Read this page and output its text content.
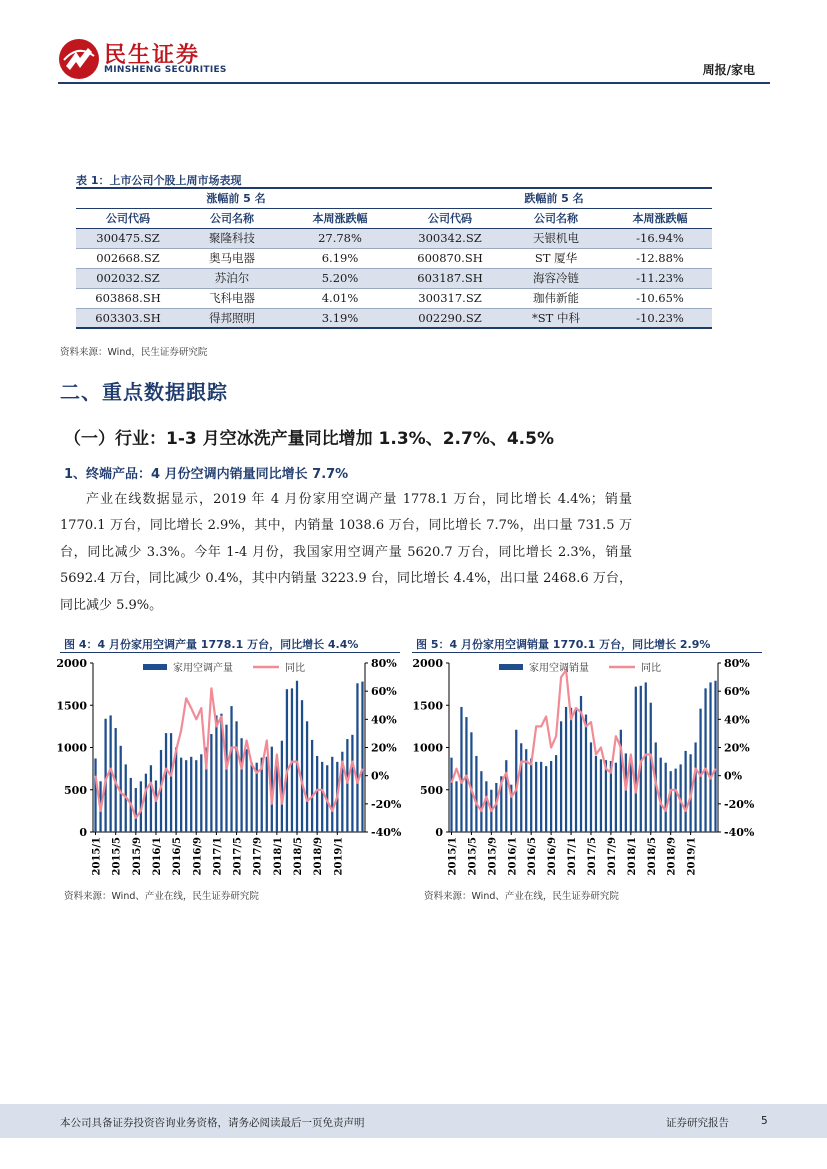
民生证券
MINSHENG SECURITIES	周报/家电
表 1：上市公司个股上周市场表现
涨幅前 5 名			跌幅前 5 名		
公司代码	公司名称	本周涨跌幅	公司代码	公司名称	本周涨跌幅
300475.SZ	聚隆科技	27.78%	300342.SZ	天银机电	-16.94%
002668.SZ	奥马电器	6.19%	600870.SH	ST 厦华	-12.88%
002032.SZ	苏泊尔	5.20%	603187.SH	海容冷链	-11.23%
603868.SH	飞科电器	4.01%	300317.SZ	珈伟新能	-10.65%
603303.SH	得邦照明	3.19%	002290.SZ	*ST 中科	-10.23%
资料来源：Wind，民生证券研究院
二、重点数据跟踪
（一）行业：1-3 月空冰洗产量同比增加 1.3%、2.7%、4.5%
1、终端产品：4 月份空调内销量同比增长 7.7%

产业在线数据显示，2019 年 4 月份家用空调产量 1778.1 万台，同比增长 4.4%；销量 1770.1 万台，同比增长 2.9%，其中，内销量 1038.6 万台，同比增长 7.7%，出口量 731.5 万台，同比减少 3.3%。今年 1-4 月份，我国家用空调产量 5620.7 万台，同比增长 2.3%，销量 5692.4 万台，同比减少 0.4%，其中内销量 3223.9 台，同比增长 4.4%，出口量 2468.6 万台，同比减少 5.9%。

图 4：4 月份家用空调产量 1778.1 万台，同比增长 4.4%
0
500
1000
1500
2000
-40%
-20%
0%
20%
40%
60%
80%
2015/1 2015/5 2015/9 2016/1 2016/5 2016/9 2017/1 2017/5 2017/9 2018/1 2018/5 2018/9 2019/1
家用空调产量	同比
资料来源：Wind、产业在线，民生证券研究院
图 5：4 月份家用空调销量 1770.1 万台，同比增长 2.9%
0
500
1000
1500
2000
-40%
-20%
0%
20%
40%
60%
80%
2015/1 2015/5 2015/9 2016/1 2016/5 2016/9 2017/1 2017/5 2017/9 2018/1 2018/5 2018/9 2019/1
家用空调销量	同比
资料来源：Wind、产业在线，民生证券研究院
本公司具备证券投资咨询业务资格，请务必阅读最后一页免责声明	证券研究报告	5
